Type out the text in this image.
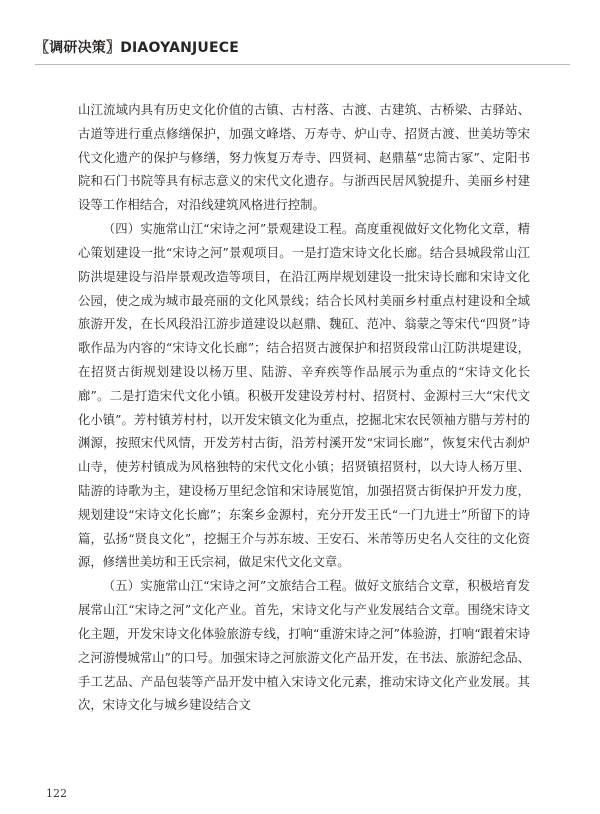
〖调研决策〗DIAOYANJUECE

山江流域内具有历史文化价值的古镇、古村落、古渡、古建筑、古桥梁、古驿站、古道等进行重点修缮保护，加强文峰塔、万寿寺、炉山寺、招贤古渡、世美坊等宋代文化遗产的保护与修缮，努力恢复万寿寺、四贤祠、赵鼎墓“忠简古冢”、定阳书院和石门书院等具有标志意义的宋代文化遗存。与浙西民居风貌提升、美丽乡村建设等工作相结合，对沿线建筑风格进行控制。

（四）实施常山江“宋诗之河”景观建设工程。高度重视做好文化物化文章，精心策划建设一批“宋诗之河”景观项目。一是打造宋诗文化长廊。结合县城段常山江防洪堤建设与沿岸景观改造等项目，在沿江两岸规划建设一批宋诗长廊和宋诗文化公园，使之成为城市最亮丽的文化风景线；结合长风村美丽乡村重点村建设和全域旅游开发，在长风段沿江游步道建设以赵鼎、魏矼、范冲、翁蒙之等宋代“四贤”诗歌作品为内容的“宋诗文化长廊”；结合招贤古渡保护和招贤段常山江防洪堤建设，在招贤古街规划建设以杨万里、陆游、辛弃疾等作品展示为重点的“宋诗文化长廊”。二是打造宋代文化小镇。积极开发建设芳村村、招贤村、金源村三大“宋代文化小镇”。芳村镇芳村村，以开发宋镇文化为重点，挖掘北宋农民领袖方腊与芳村的渊源，按照宋代风情，开发芳村古街，沿芳村溪开发“宋词长廊”，恢复宋代古刹炉山寺，使芳村镇成为风格独特的宋代文化小镇；招贤镇招贤村，以大诗人杨万里、陆游的诗歌为主，建设杨万里纪念馆和宋诗展览馆，加强招贤古街保护开发力度，规划建设“宋诗文化长廊”；东案乡金源村，充分开发王氏“一门九进士”所留下的诗篇，弘扬“贤良文化”，挖掘王介与苏东坡、王安石、米芾等历史名人交往的文化资源，修缮世美坊和王氏宗祠，做足宋代文化文章。

（五）实施常山江“宋诗之河”文旅结合工程。做好文旅结合文章，积极培育发展常山江“宋诗之河”文化产业。首先，宋诗文化与产业发展结合文章。围绕宋诗文化主题，开发宋诗文化体验旅游专线，打响“重游宋诗之河”体验游，打响“跟着宋诗之河游慢城常山”的口号。加强宋诗之河旅游文化产品开发，在书法、旅游纪念品、手工艺品、产品包装等产品开发中植入宋诗文化元素，推动宋诗文化产业发展。其次，宋诗文化与城乡建设结合文

122
